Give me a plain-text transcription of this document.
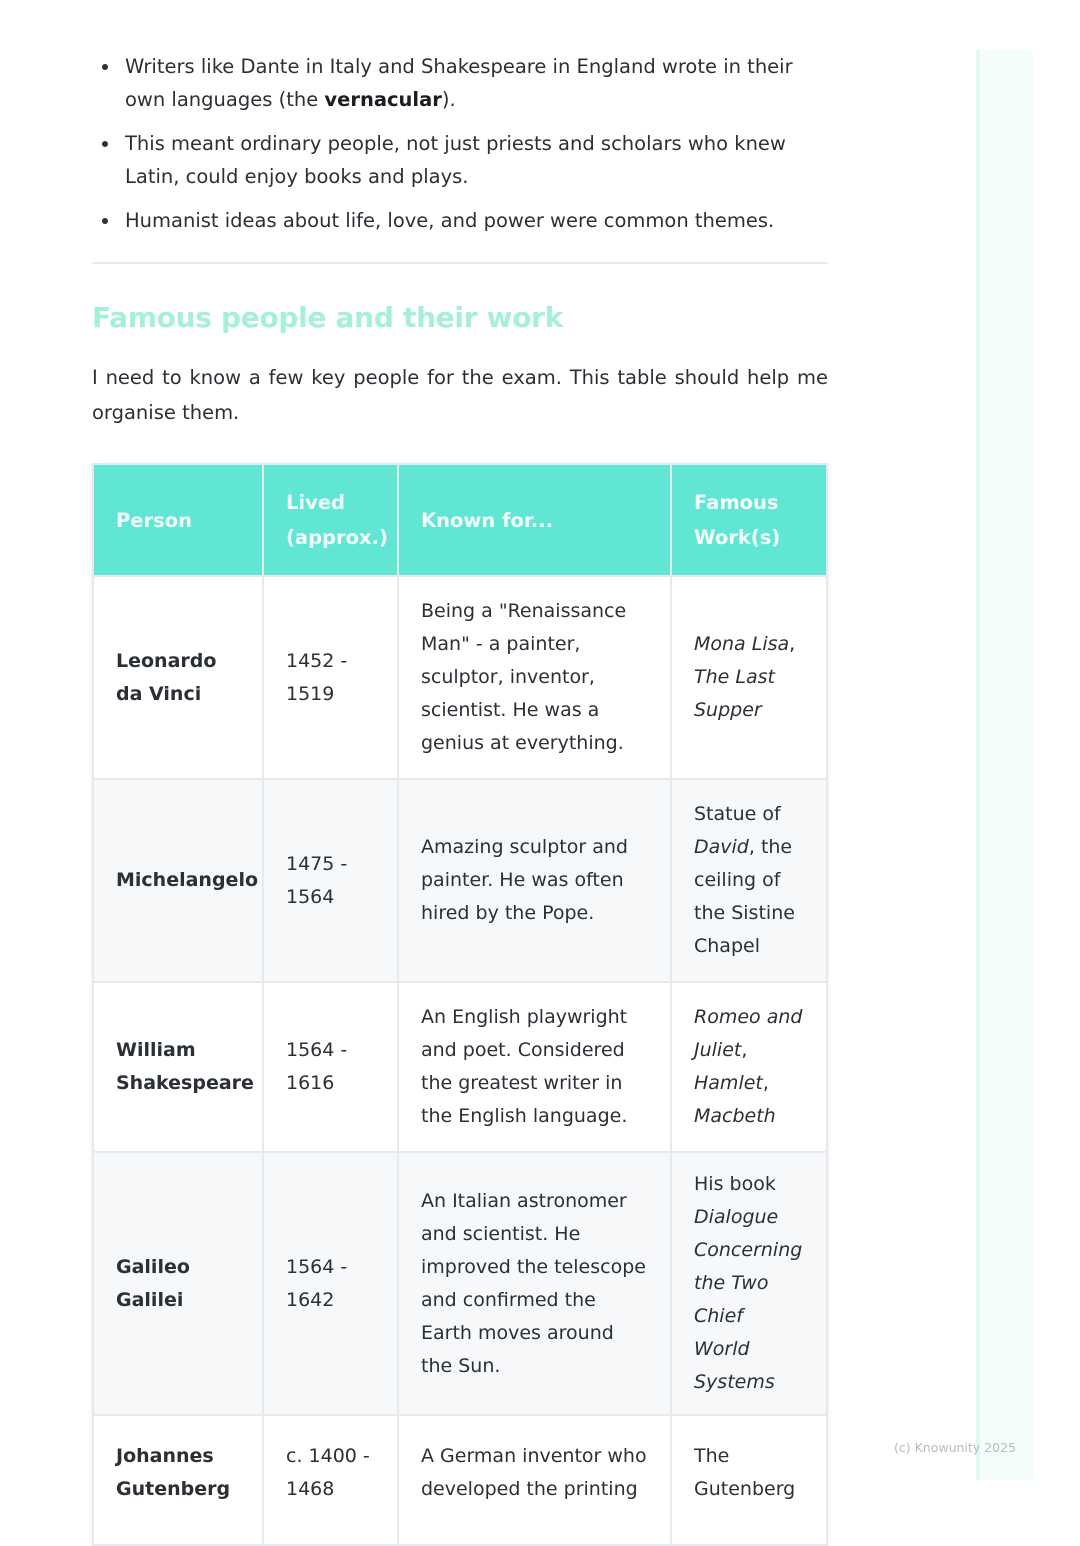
Writers like Dante in Italy and Shakespeare in England wrote in their own languages (the vernacular).
This meant ordinary people, not just priests and scholars who knew Latin, could enjoy books and plays.
Humanist ideas about life, love, and power were common themes.
Famous people and their work

I need to know a few key people for the exam. This table should help me organise them.

Person	Lived (approx.)	Known for...	Famous Work(s)
Leonardo da Vinci	1452 - 1519	Being a "Renaissance Man" - a painter, sculptor, inventor, scientist. He was a genius at everything.	Mona Lisa, The Last Supper
Michelangelo	1475 - 1564	Amazing sculptor and painter. He was often hired by the Pope.	Statue of David, the ceiling of the Sistine Chapel
William Shakespeare	1564 - 1616	An English playwright and poet. Considered the greatest writer in the English language.	Romeo and Juliet, Hamlet, Macbeth
Galileo Galilei	1564 - 1642	An Italian astronomer and scientist. He improved the telescope and confirmed the Earth moves around the Sun.	His book Dialogue Concerning the Two Chief World Systems
Johannes Gutenberg	c. 1400 - 1468	A German inventor who developed the printing	The Gutenberg
(c) Knowunity 2025
